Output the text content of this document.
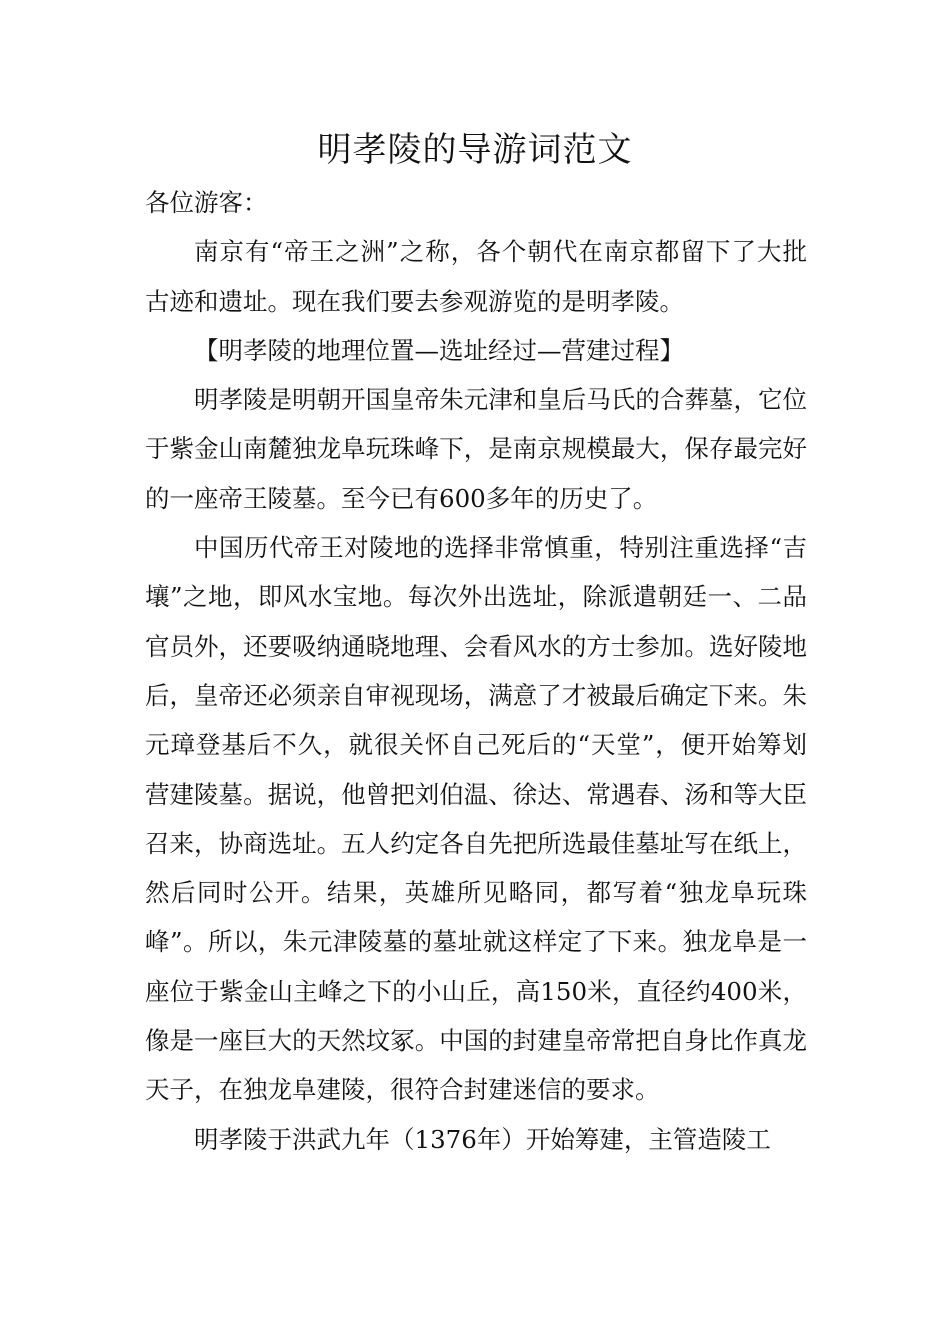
明孝陵的导游词范文

各位游客：

南京有“帝王之洲”之称，各个朝代在南京都留下了大批古迹和遗址。现在我们要去参观游览的是明孝陵。

【明孝陵的地理位置—选址经过—营建过程】

明孝陵是明朝开国皇帝朱元津和皇后马氏的合葬墓，它位于紫金山南麓独龙阜玩珠峰下，是南京规模最大，保存最完好的一座帝王陵墓。至今已有600多年的历史了。

中国历代帝王对陵地的选择非常慎重，特别注重选择“吉壤”之地，即风水宝地。每次外出选址，除派遣朝廷一、二品官员外，还要吸纳通晓地理、会看风水的方士参加。选好陵地后，皇帝还必须亲自审视现场，满意了才被最后确定下来。朱元璋登基后不久，就很关怀自己死后的“天堂”，便开始筹划营建陵墓。据说，他曾把刘伯温、徐达、常遇春、汤和等大臣召来，协商选址。五人约定各自先把所选最佳墓址写在纸上，然后同时公开。结果，英雄所见略同，都写着“独龙阜玩珠峰”。所以，朱元津陵墓的墓址就这样定了下来。独龙阜是一座位于紫金山主峰之下的小山丘，高150米，直径约400米，像是一座巨大的天然坟冢。中国的封建皇帝常把自身比作真龙天子，在独龙阜建陵，很符合封建迷信的要求。

明孝陵于洪武九年（1376年）开始筹建，主管造陵工
